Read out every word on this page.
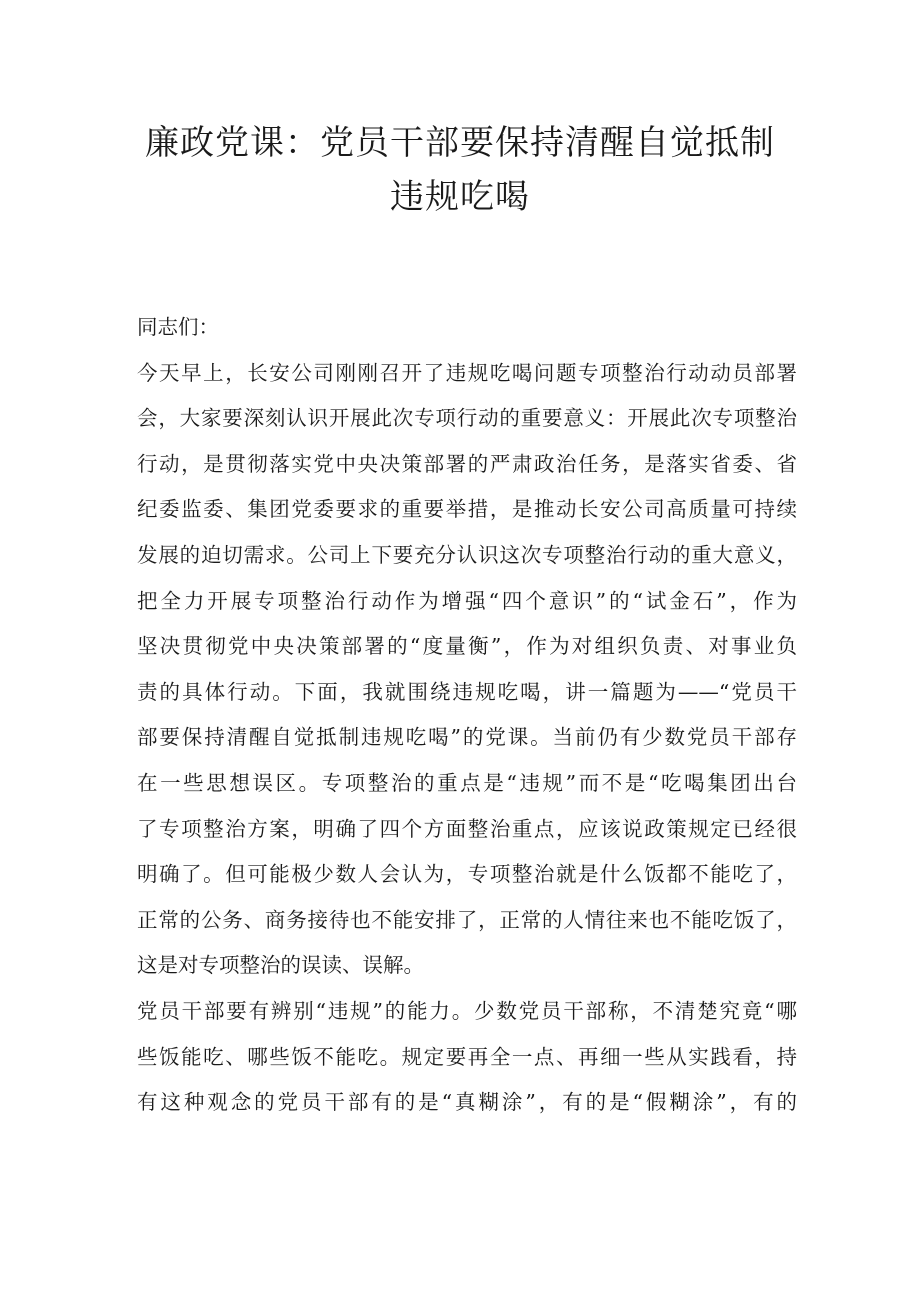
廉政党课：党员干部要保持清醒自觉抵制
违规吃喝
同志们：
今天早上，长安公司刚刚召开了违规吃喝问题专项整治行动动员部署
会，大家要深刻认识开展此次专项行动的重要意义：开展此次专项整治
行动，是贯彻落实党中央决策部署的严肃政治任务，是落实省委、省
纪委监委、集团党委要求的重要举措，是推动长安公司高质量可持续
发展的迫切需求。公司上下要充分认识这次专项整治行动的重大意义，
把全力开展专项整治行动作为增强“四个意识”的“试金石”，作为
坚决贯彻党中央决策部署的“度量衡”，作为对组织负责、对事业负
责的具体行动。下面，我就围绕违规吃喝，讲一篇题为——“党员干
部要保持清醒自觉抵制违规吃喝”的党课。当前仍有少数党员干部存
在一些思想误区。专项整治的重点是“违规”而不是“吃喝集团出台
了专项整治方案，明确了四个方面整治重点，应该说政策规定已经很
明确了。但可能极少数人会认为，专项整治就是什么饭都不能吃了，
正常的公务、商务接待也不能安排了，正常的人情往来也不能吃饭了，
这是对专项整治的误读、误解。
党员干部要有辨别“违规”的能力。少数党员干部称，不清楚究竟“哪
些饭能吃、哪些饭不能吃。规定要再全一点、再细一些从实践看，持
有这种观念的党员干部有的是“真糊涂”，有的是“假糊涂”，有的
